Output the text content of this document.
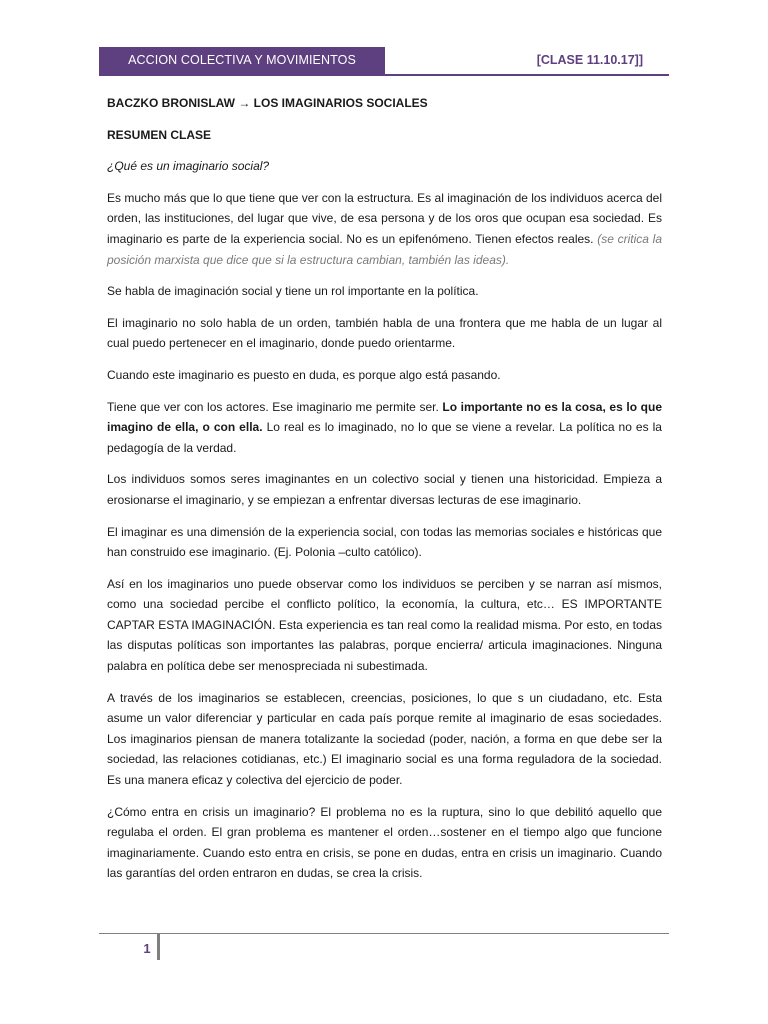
ACCION COLECTIVA Y MOVIMIENTOS SOCIALES
[CLASE 11.10.17]]

BACZKO BRONISLAW → LOS IMAGINARIOS SOCIALES

RESUMEN CLASE

¿Qué es un imaginario social?

Es mucho más que lo que tiene que ver con la estructura. Es al imaginación de los individuos acerca del orden, las instituciones, del lugar que vive, de esa persona y de los oros que ocupan esa sociedad. Es imaginario es parte de la experiencia social. No es un epifenómeno. Tienen efectos reales. (se critica la posición marxista que dice que si la estructura cambian, también las ideas).

Se habla de imaginación social y tiene un rol importante en la política.

El imaginario no solo habla de un orden, también habla de una frontera que me habla de un lugar al cual puedo pertenecer en el imaginario, donde puedo orientarme.

Cuando este imaginario es puesto en duda, es porque algo está pasando.

Tiene que ver con los actores. Ese imaginario me permite ser. Lo importante no es la cosa, es lo que imagino de ella, o con ella. Lo real es lo imaginado, no lo que se viene a revelar. La política no es la pedagogía de la verdad.

Los individuos somos seres imaginantes en un colectivo social y tienen una historicidad. Empieza a erosionarse el imaginario, y se empiezan a enfrentar diversas lecturas de ese imaginario.

El imaginar es una dimensión de la experiencia social, con todas las memorias sociales e históricas que han construido ese imaginario. (Ej. Polonia –culto católico).

Así en los imaginarios uno puede observar como los individuos se perciben y se narran así mismos, como una sociedad percibe el conflicto político, la economía, la cultura, etc… ES IMPORTANTE CAPTAR ESTA IMAGINACIÓN. Esta experiencia es tan real como la realidad misma. Por esto, en todas las disputas políticas son importantes las palabras, porque encierra/ articula imaginaciones. Ninguna palabra en política debe ser menospreciada ni subestimada.

A través de los imaginarios se establecen, creencias, posiciones, lo que s un ciudadano, etc. Esta asume un valor diferenciar y particular en cada país porque remite al imaginario de esas sociedades. Los imaginarios piensan de manera totalizante la sociedad (poder, nación, a forma en que debe ser la sociedad, las relaciones cotidianas, etc.) El imaginario social es una forma reguladora de la sociedad. Es una manera eficaz y colectiva del ejercicio de poder.

¿Cómo entra en crisis un imaginario? El problema no es la ruptura, sino lo que debilitó aquello que regulaba el orden. El gran problema es mantener el orden…sostener en el tiempo algo que funcione imaginariamente. Cuando esto entra en crisis, se pone en dudas, entra en crisis un imaginario. Cuando las garantías del orden entraron en dudas, se crea la crisis.

1
